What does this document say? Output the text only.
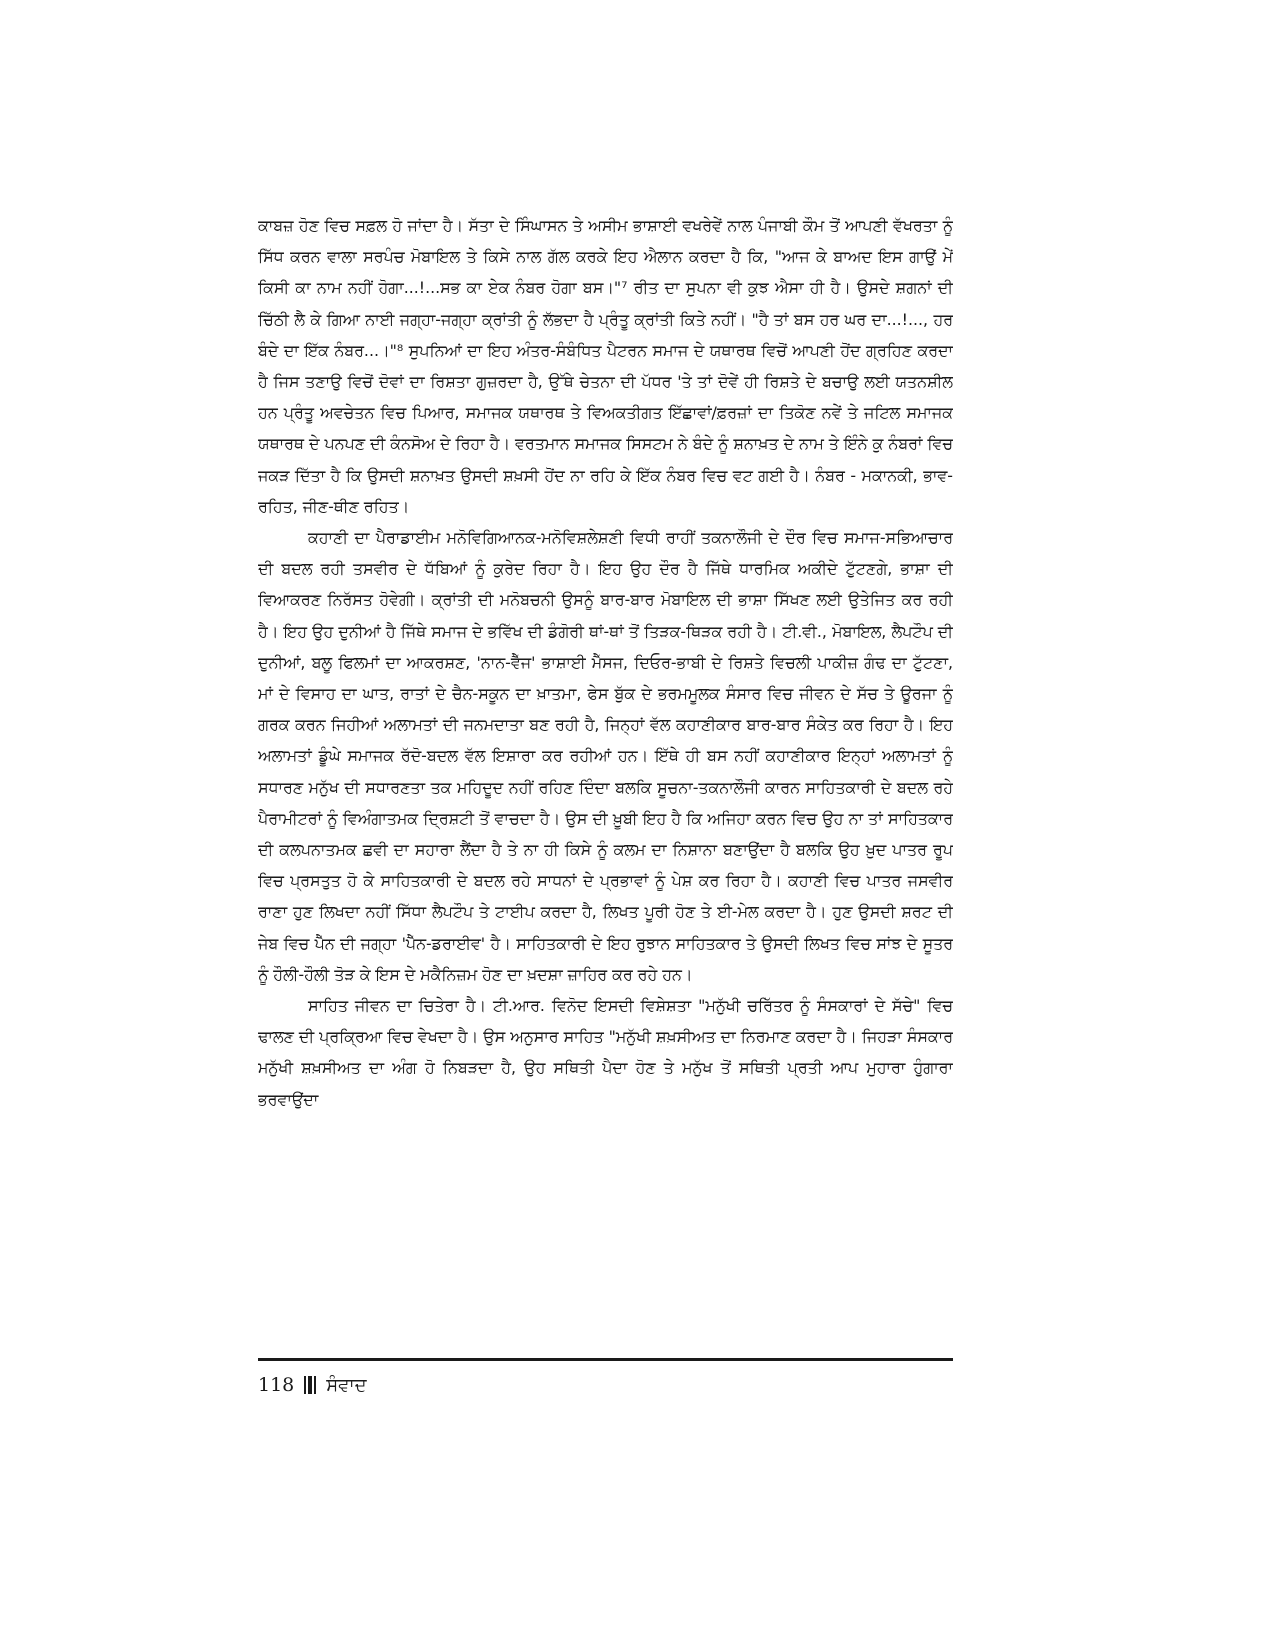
ਕਾਬਜ਼ ਹੋਣ ਵਿਚ ਸਫ਼ਲ ਹੋ ਜਾਂਦਾ ਹੈ। ਸੱਤਾ ਦੇ ਸਿੰਘਾਸਨ ਤੇ ਅਸੀਮ ਭਾਸ਼ਾਈ ਵਖਰੇਵੇਂ ਨਾਲ ਪੰਜਾਬੀ ਕੌਮ ਤੋਂ ਆਪਣੀ ਵੱਖਰਤਾ ਨੂੰ ਸਿੱਧ ਕਰਨ ਵਾਲਾ ਸਰਪੰਚ ਮੋਬਾਇਲ ਤੇ ਕਿਸੇ ਨਾਲ ਗੱਲ ਕਰਕੇ ਇਹ ਐਲਾਨ ਕਰਦਾ ਹੈ ਕਿ, "ਆਜ ਕੇ ਬਾਅਦ ਇਸ ਗਾਉਂ ਮੇਂ ਕਿਸੀ ਕਾ ਨਾਮ ਨਹੀਂ ਹੋਗਾ...!...ਸਭ ਕਾ ਏਕ ਨੰਬਰ ਹੋਗਾ ਬਸ।"⁷ ਰੀਤ ਦਾ ਸੁਪਨਾ ਵੀ ਕੁਝ ਐਸਾ ਹੀ ਹੈ। ਉਸਦੇ ਸ਼ਗਨਾਂ ਦੀ ਚਿੱਠੀ ਲੈ ਕੇ ਗਿਆ ਨਾਈ ਜਗ੍ਹਾ-ਜਗ੍ਹਾ ਕ੍ਰਾਂਤੀ ਨੂੰ ਲੱਭਦਾ ਹੈ ਪ੍ਰੰਤੂ ਕ੍ਰਾਂਤੀ ਕਿਤੇ ਨਹੀਂ। "ਹੈ ਤਾਂ ਬਸ ਹਰ ਘਰ ਦਾ...!..., ਹਰ ਬੰਦੇ ਦਾ ਇੱਕ ਨੰਬਰ...।"⁸ ਸੁਪਨਿਆਂ ਦਾ ਇਹ ਅੰਤਰ-ਸੰਬੰਧਿਤ ਪੈਟਰਨ ਸਮਾਜ ਦੇ ਯਥਾਰਥ ਵਿਚੋਂ ਆਪਣੀ ਹੋਂਦ ਗ੍ਰਹਿਣ ਕਰਦਾ ਹੈ ਜਿਸ ਤਣਾਉ ਵਿਚੋਂ ਦੋਵਾਂ ਦਾ ਰਿਸ਼ਤਾ ਗੁਜ਼ਰਦਾ ਹੈ, ਉੱਥੇ ਚੇਤਨਾ ਦੀ ਪੱਧਰ 'ਤੇ ਤਾਂ ਦੋਵੇਂ ਹੀ ਰਿਸ਼ਤੇ ਦੇ ਬਚਾਉ ਲਈ ਯਤਨਸ਼ੀਲ ਹਨ ਪ੍ਰੰਤੂ ਅਵਚੇਤਨ ਵਿਚ ਪਿਆਰ, ਸਮਾਜਕ ਯਥਾਰਥ ਤੇ ਵਿਅਕਤੀਗਤ ਇੱਛਾਵਾਂ/ਫ਼ਰਜ਼ਾਂ ਦਾ ਤਿਕੋਣ ਨਵੇਂ ਤੇ ਜਟਿਲ ਸਮਾਜਕ ਯਥਾਰਥ ਦੇ ਪਨਪਣ ਦੀ ਕੰਨਸੋਅ ਦੇ ਰਿਹਾ ਹੈ। ਵਰਤਮਾਨ ਸਮਾਜਕ ਸਿਸਟਮ ਨੇ ਬੰਦੇ ਨੂੰ ਸ਼ਨਾਖ਼ਤ ਦੇ ਨਾਮ ਤੇ ਇੰਨੇ ਕੁ ਨੰਬਰਾਂ ਵਿਚ ਜਕੜ ਦਿੱਤਾ ਹੈ ਕਿ ਉਸਦੀ ਸ਼ਨਾਖ਼ਤ ਉਸਦੀ ਸ਼ਖ਼ਸੀ ਹੋਂਦ ਨਾ ਰਹਿ ਕੇ ਇੱਕ ਨੰਬਰ ਵਿਚ ਵਟ ਗਈ ਹੈ। ਨੰਬਰ - ਮਕਾਨਕੀ, ਭਾਵ-ਰਹਿਤ, ਜੀਣ-ਥੀਣ ਰਹਿਤ।

ਕਹਾਣੀ ਦਾ ਪੈਰਾਡਾਈਮ ਮਨੋਵਿਗਿਆਨਕ-ਮਨੋਵਿਸ਼ਲੇਸ਼ਣੀ ਵਿਧੀ ਰਾਹੀਂ ਤਕਨਾਲੌਜੀ ਦੇ ਦੌਰ ਵਿਚ ਸਮਾਜ-ਸਭਿਆਚਾਰ ਦੀ ਬਦਲ ਰਹੀ ਤਸਵੀਰ ਦੇ ਧੱਬਿਆਂ ਨੂੰ ਕੁਰੇਦ ਰਿਹਾ ਹੈ। ਇਹ ਉਹ ਦੌਰ ਹੈ ਜਿੱਥੇ ਧਾਰਮਿਕ ਅਕੀਦੇ ਟੁੱਟਣਗੇ, ਭਾਸ਼ਾ ਦੀ ਵਿਆਕਰਣ ਨਿਰੱਸਤ ਹੋਵੇਗੀ। ਕ੍ਰਾਂਤੀ ਦੀ ਮਨੋਬਚਨੀ ਉਸਨੂੰ ਬਾਰ-ਬਾਰ ਮੋਬਾਇਲ ਦੀ ਭਾਸ਼ਾ ਸਿੱਖਣ ਲਈ ਉਤੇਜਿਤ ਕਰ ਰਹੀ ਹੈ। ਇਹ ਉਹ ਦੁਨੀਆਂ ਹੈ ਜਿੱਥੇ ਸਮਾਜ ਦੇ ਭਵਿੱਖ ਦੀ ਡੰਗੋਰੀ ਥਾਂ-ਥਾਂ ਤੋਂ ਤਿੜਕ-ਥਿੜਕ ਰਹੀ ਹੈ। ਟੀ.ਵੀ., ਮੋਬਾਇਲ, ਲੈਪਟੌਪ ਦੀ ਦੁਨੀਆਂ, ਬਲੂ ਫਿਲਮਾਂ ਦਾ ਆਕਰਸ਼ਣ, 'ਨਾਨ-ਵੈੱਜ' ਭਾਸ਼ਾਈ ਮੈੱਸਜ, ਦਿਓਰ-ਭਾਬੀ ਦੇ ਰਿਸ਼ਤੇ ਵਿਚਲੀ ਪਾਕੀਜ਼ ਗੰਢ ਦਾ ਟੁੱਟਣਾ, ਮਾਂ ਦੇ ਵਿਸਾਹ ਦਾ ਘਾਤ, ਰਾਤਾਂ ਦੇ ਚੈਨ-ਸਕੂਨ ਦਾ ਖ਼ਾਤਮਾ, ਫੇਸ ਬੁੱਕ ਦੇ ਭਰਮਮੂਲਕ ਸੰਸਾਰ ਵਿਚ ਜੀਵਨ ਦੇ ਸੱਚ ਤੇ ਊਰਜਾ ਨੂੰ ਗਰਕ ਕਰਨ ਜਿਹੀਆਂ ਅਲਾਮਤਾਂ ਦੀ ਜਨਮਦਾਤਾ ਬਣ ਰਹੀ ਹੈ, ਜਿਨ੍ਹਾਂ ਵੱਲ ਕਹਾਣੀਕਾਰ ਬਾਰ-ਬਾਰ ਸੰਕੇਤ ਕਰ ਰਿਹਾ ਹੈ। ਇਹ ਅਲਾਮਤਾਂ ਡੂੰਘੇ ਸਮਾਜਕ ਰੱਦੋ-ਬਦਲ ਵੱਲ ਇਸ਼ਾਰਾ ਕਰ ਰਹੀਆਂ ਹਨ। ਇੱਥੇ ਹੀ ਬਸ ਨਹੀਂ ਕਹਾਣੀਕਾਰ ਇਨ੍ਹਾਂ ਅਲਾਮਤਾਂ ਨੂੰ ਸਧਾਰਣ ਮਨੁੱਖ ਦੀ ਸਧਾਰਣਤਾ ਤਕ ਮਹਿਦੂਦ ਨਹੀਂ ਰਹਿਣ ਦਿੰਦਾ ਬਲਕਿ ਸੂਚਨਾ-ਤਕਨਾਲੌਜੀ ਕਾਰਨ ਸਾਹਿਤਕਾਰੀ ਦੇ ਬਦਲ ਰਹੇ ਪੈਰਾਮੀਟਰਾਂ ਨੂੰ ਵਿਅੰਗਾਤਮਕ ਦ੍ਰਿਸ਼ਟੀ ਤੋਂ ਵਾਚਦਾ ਹੈ। ਉਸ ਦੀ ਖ਼ੂਬੀ ਇਹ ਹੈ ਕਿ ਅਜਿਹਾ ਕਰਨ ਵਿਚ ਉਹ ਨਾ ਤਾਂ ਸਾਹਿਤਕਾਰ ਦੀ ਕਲਪਨਾਤਮਕ ਛਵੀ ਦਾ ਸਹਾਰਾ ਲੈਂਦਾ ਹੈ ਤੇ ਨਾ ਹੀ ਕਿਸੇ ਨੂੰ ਕਲਮ ਦਾ ਨਿਸ਼ਾਨਾ ਬਣਾਉਂਦਾ ਹੈ ਬਲਕਿ ਉਹ ਖ਼ੁਦ ਪਾਤਰ ਰੂਪ ਵਿਚ ਪ੍ਰਸਤੁਤ ਹੋ ਕੇ ਸਾਹਿਤਕਾਰੀ ਦੇ ਬਦਲ ਰਹੇ ਸਾਧਨਾਂ ਦੇ ਪ੍ਰਭਾਵਾਂ ਨੂੰ ਪੇਸ਼ ਕਰ ਰਿਹਾ ਹੈ। ਕਹਾਣੀ ਵਿਚ ਪਾਤਰ ਜਸਵੀਰ ਰਾਣਾ ਹੁਣ ਲਿਖਦਾ ਨਹੀਂ ਸਿੱਧਾ ਲੈਪਟੌਪ ਤੇ ਟਾਈਪ ਕਰਦਾ ਹੈ, ਲਿਖਤ ਪੂਰੀ ਹੋਣ ਤੇ ਈ-ਮੇਲ ਕਰਦਾ ਹੈ। ਹੁਣ ਉਸਦੀ ਸ਼ਰਟ ਦੀ ਜੇਬ ਵਿਚ ਪੈੱਨ ਦੀ ਜਗ੍ਹਾ 'ਪੈੱਨ-ਡਰਾਈਵ' ਹੈ। ਸਾਹਿਤਕਾਰੀ ਦੇ ਇਹ ਰੁਝਾਨ ਸਾਹਿਤਕਾਰ ਤੇ ਉਸਦੀ ਲਿਖਤ ਵਿਚ ਸਾਂਝ ਦੇ ਸੂਤਰ ਨੂੰ ਹੌਲੀ-ਹੌਲੀ ਤੋੜ ਕੇ ਇਸ ਦੇ ਮਕੈਨਿਜ਼ਮ ਹੋਣ ਦਾ ਖ਼ਦਸ਼ਾ ਜ਼ਾਹਿਰ ਕਰ ਰਹੇ ਹਨ।

ਸਾਹਿਤ ਜੀਵਨ ਦਾ ਚਿਤੇਰਾ ਹੈ। ਟੀ.ਆਰ. ਵਿਨੋਦ ਇਸਦੀ ਵਿਸ਼ੇਸ਼ਤਾ "ਮਨੁੱਖੀ ਚਰਿੱਤਰ ਨੂੰ ਸੰਸਕਾਰਾਂ ਦੇ ਸੱਚੇ" ਵਿਚ ਢਾਲਣ ਦੀ ਪ੍ਰਕ੍ਰਿਆ ਵਿਚ ਵੇਖਦਾ ਹੈ। ਉਸ ਅਨੁਸਾਰ ਸਾਹਿਤ "ਮਨੁੱਖੀ ਸ਼ਖ਼ਸੀਅਤ ਦਾ ਨਿਰਮਾਣ ਕਰਦਾ ਹੈ। ਜਿਹੜਾ ਸੰਸਕਾਰ ਮਨੁੱਖੀ ਸ਼ਖ਼ਸੀਅਤ ਦਾ ਅੰਗ ਹੋ ਨਿਬੜਦਾ ਹੈ, ਉਹ ਸਥਿਤੀ ਪੈਦਾ ਹੋਣ ਤੇ ਮਨੁੱਖ ਤੋਂ ਸਥਿਤੀ ਪ੍ਰਤੀ ਆਪ ਮੁਹਾਰਾ ਹੁੰਗਾਰਾ ਭਰਵਾਉਂਦਾ

118 ਸੰਵਾਦ
